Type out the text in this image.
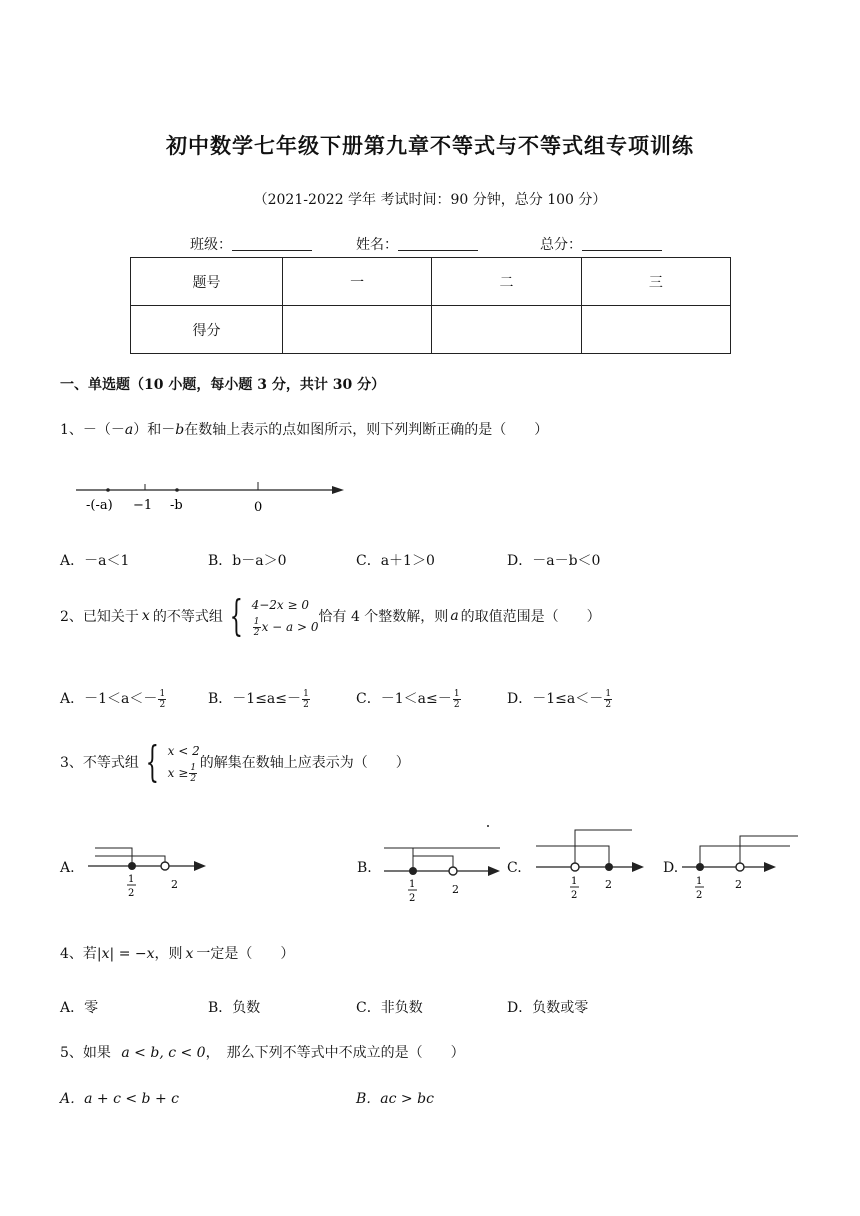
初中数学七年级下册第九章不等式与不等式组专项训练
（2021-2022 学年 考试时间：90 分钟，总分 100 分）
班级：	姓名：	总分：
题号	一	二	三
得分			
一、单选题（10 小题，每小题 3 分，共计 30 分）
1、－（－a）和－b在数轴上表示的点如图所示，则下列判断正确的是（　　）
-(-a) −1 -b	0
A．－a＜1	B．b－a＞0	C．a＋1＞0	D．－a－b＜0
2、已知关于 x 的不等式组 { 4−2x ≥ 0
$\frac{1}{2}$ x − a > 0
恰有 4 个整数解，则 a 的取值范围是（　　）
A．$-1<a<- \frac{1}{2}$	B．$-1\le a\le- \frac{1}{2}$	C．$-1<a\le- \frac{1}{2}$	D．$-1\le a<- \frac{1}{2}$
3、不等式组 { x < 2
$x \ge \frac{1}{2}$ 的解集在数轴上应表示为（　　）
A.	B.	C.	D.
1
2
2	1
2
2
1
2
2	1
2
2
4、若|x| = −x，则 x 一定是（　　）
A．零	B．负数	C．非负数	D．负数或零
5、如果 a < b, c < 0，　那么下列不等式中不成立的是（　　）
A．a + c < b + c	B．ac > bc
